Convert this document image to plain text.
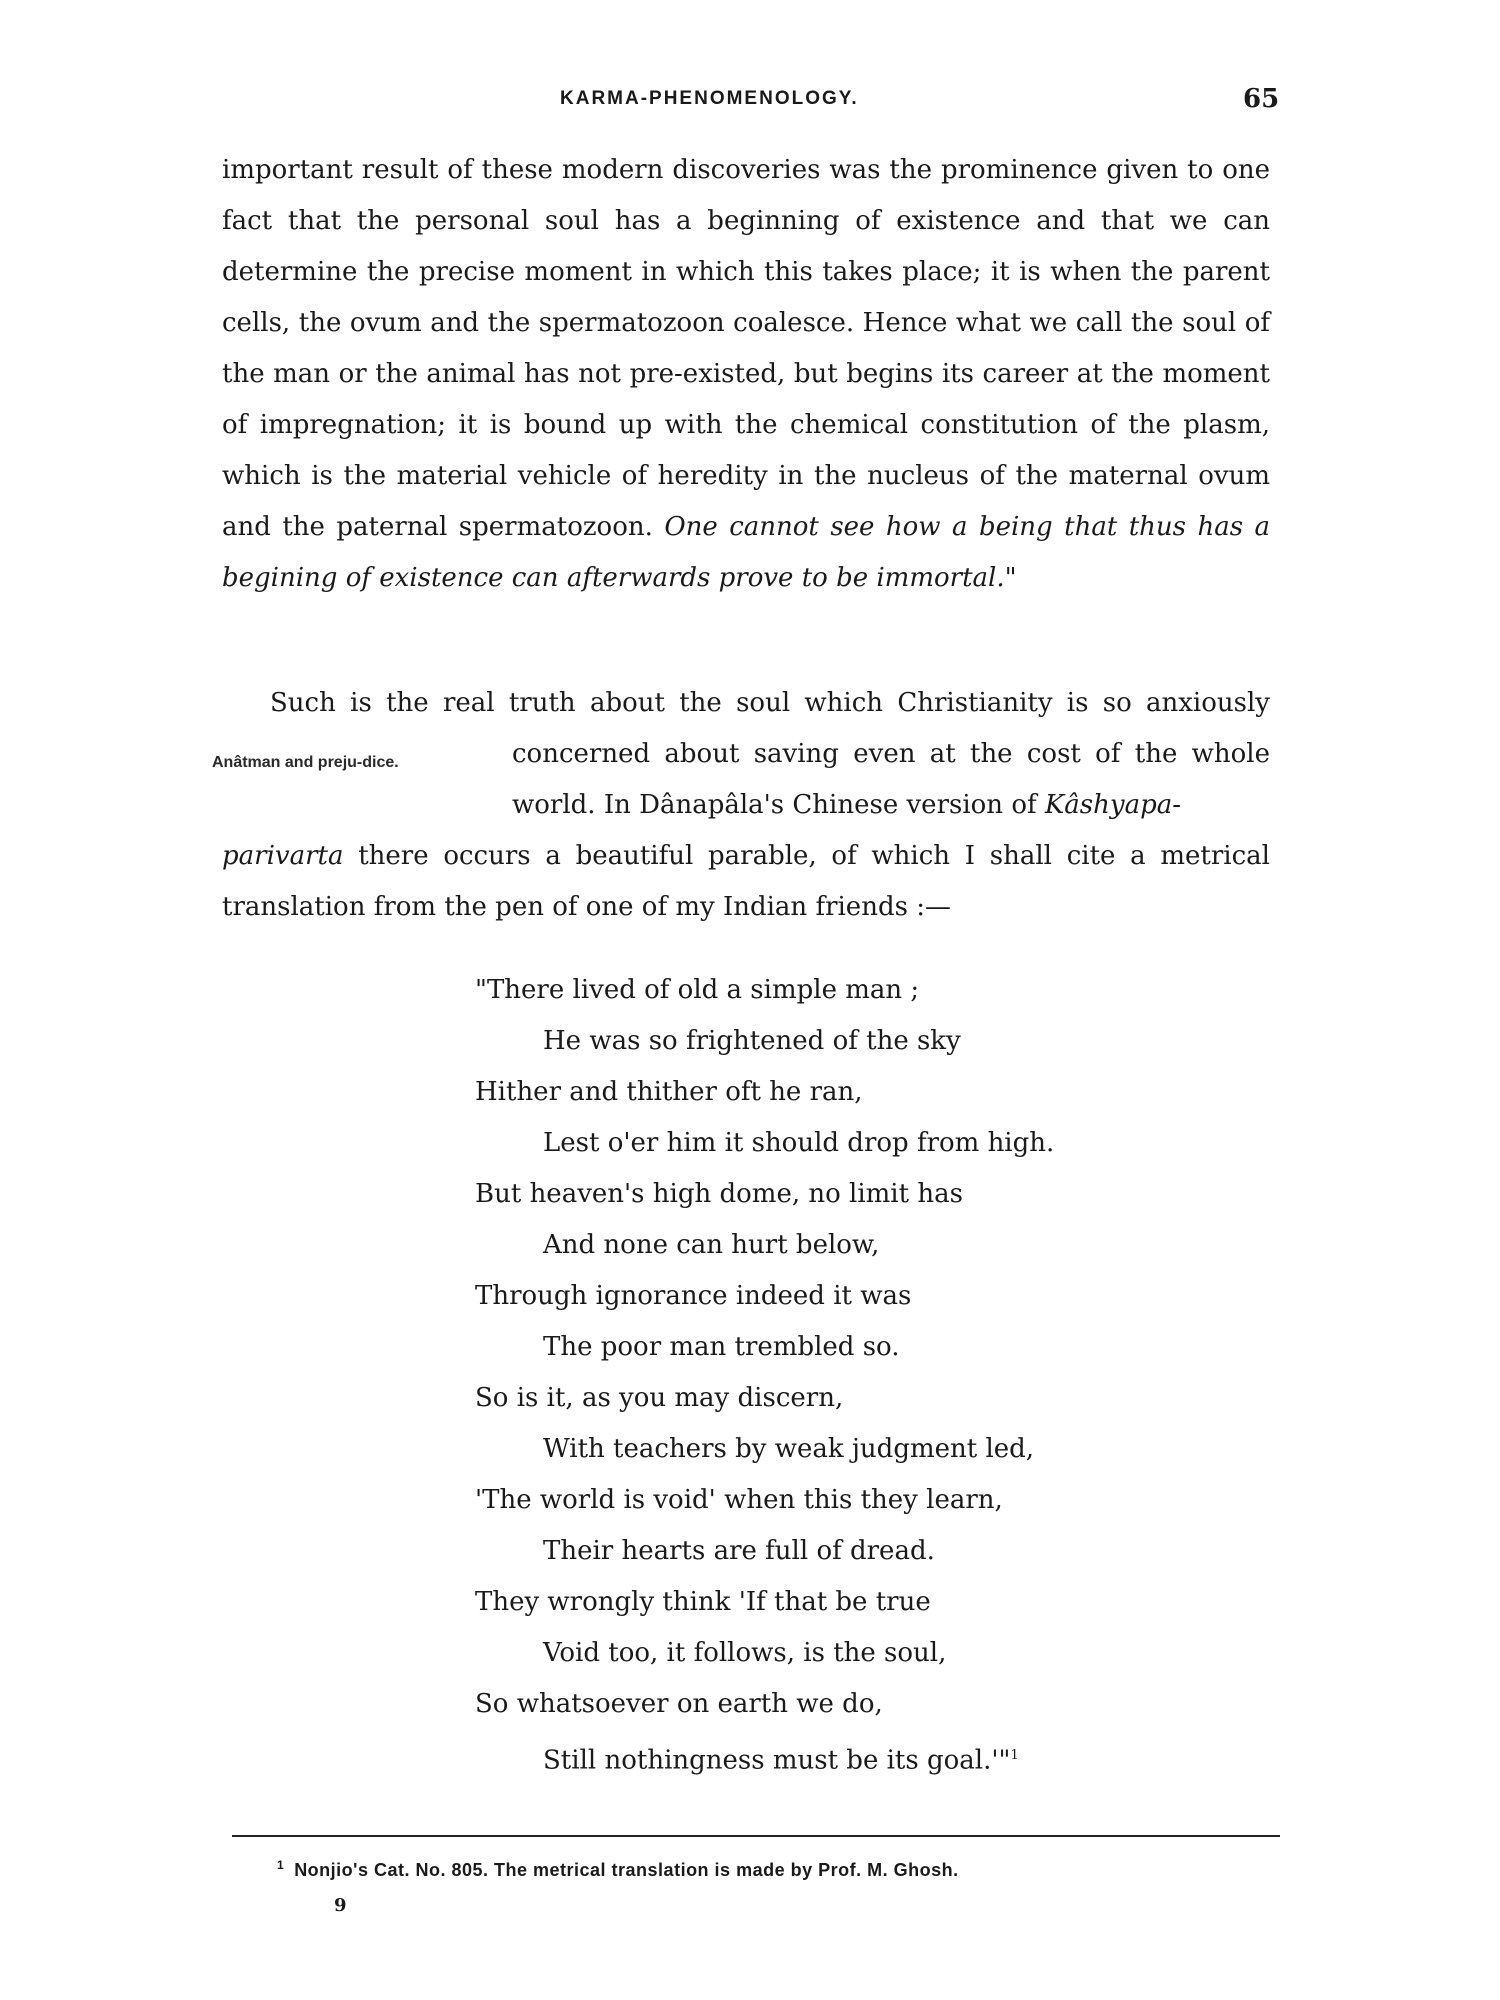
KARMA-PHENOMENOLOGY.	65

important result of these modern discoveries was the prominence given to one fact that the personal soul has a beginning of existence and that we can determine the precise moment in which this takes place; it is when the parent cells, the ovum and the spermatozoon coalesce. Hence what we call the soul of the man or the animal has not pre-existed, but begins its career at the moment of impregnation; it is bound up with the chemical constitution of the plasm, which is the material vehicle of heredity in the nucleus of the maternal ovum and the paternal spermatozoon. One cannot see how a being that thus has a begining of existence can afterwards prove to be immortal."

Anâtman and preju-dice.

Such is the real truth about the soul which Christianity is so anxiously

concerned about saving even at the cost of the whole world. In Dânapâla's Chinese version of Kâshyapa-

parivarta there occurs a beautiful parable, of which I shall cite a metrical translation from the pen of one of my Indian friends :—

"There lived of old a simple man ;
He was so frightened of the sky
Hither and thither oft he ran,
Lest o'er him it should drop from high.
But heaven's high dome, no limit has
And none can hurt below,
Through ignorance indeed it was
The poor man trembled so.
So is it, as you may discern,
With teachers by weak judgment led,
'The world is void' when this they learn,
Their hearts are full of dread.
They wrongly think 'If that be true
Void too, it follows, is the soul,
So whatsoever on earth we do,
Still nothingness must be its goal.'"$^1$
$^1$ Nonjio's Cat. No. 805. The metrical translation is made by Prof. M. Ghosh.
9
